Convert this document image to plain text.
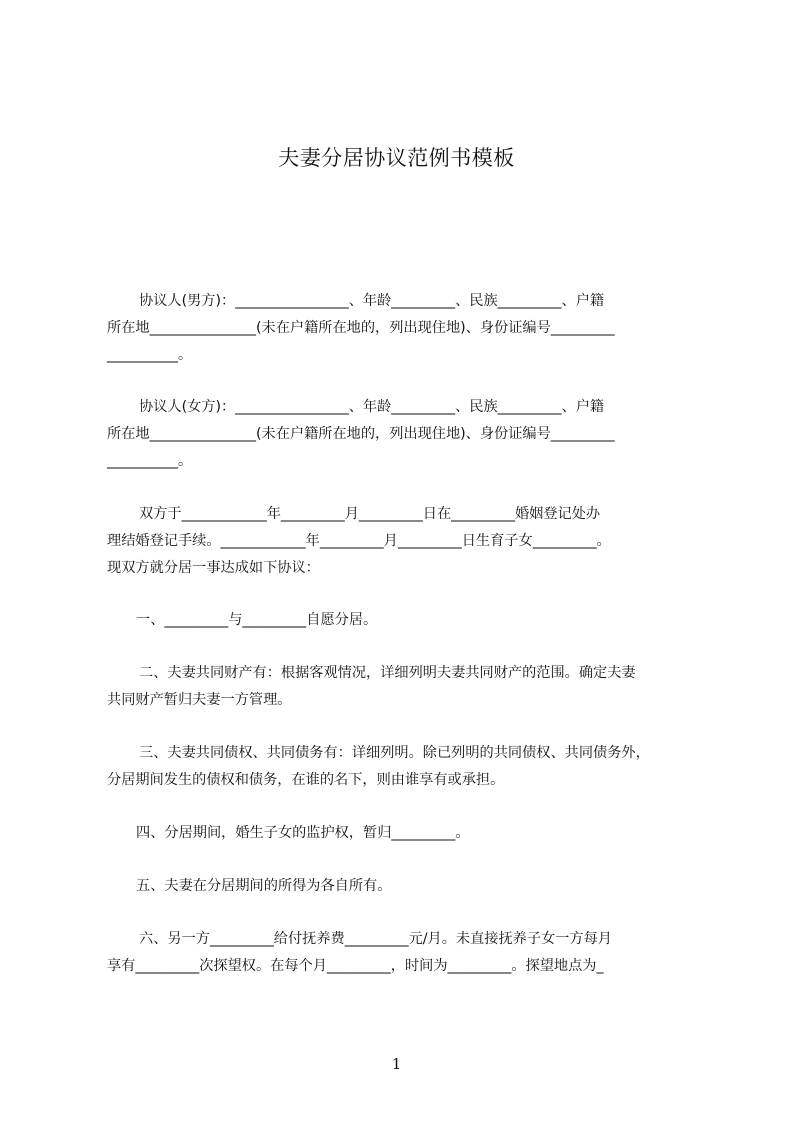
夫妻分居协议范例书模板
协议人(男方)：________________、年龄_________、民族_________、户籍
所在地_______________(未在户籍所在地的，列出现住地)、身份证编号_________
__________。
协议人(女方)：________________、年龄_________、民族_________、户籍
所在地_______________(未在户籍所在地的，列出现住地)、身份证编号_________
__________。
双方于____________年_________月_________日在_________婚姻登记处办
理结婚登记手续。____________年_________月_________日生育子女_________。
现双方就分居一事达成如下协议：
一、_________与_________自愿分居。
二、夫妻共同财产有：根据客观情况，详细列明夫妻共同财产的范围。确定夫妻
共同财产暂归夫妻一方管理。
三、夫妻共同债权、共同债务有：详细列明。除已列明的共同债权、共同债务外，
分居期间发生的债权和债务，在谁的名下，则由谁享有或承担。
四、分居期间，婚生子女的监护权，暂归_________。
五、夫妻在分居期间的所得为各自所有。
六、另一方_________给付抚养费_________元/月。未直接抚养子女一方每月
享有_________次探望权。在每个月_________，时间为_________。探望地点为_
1
